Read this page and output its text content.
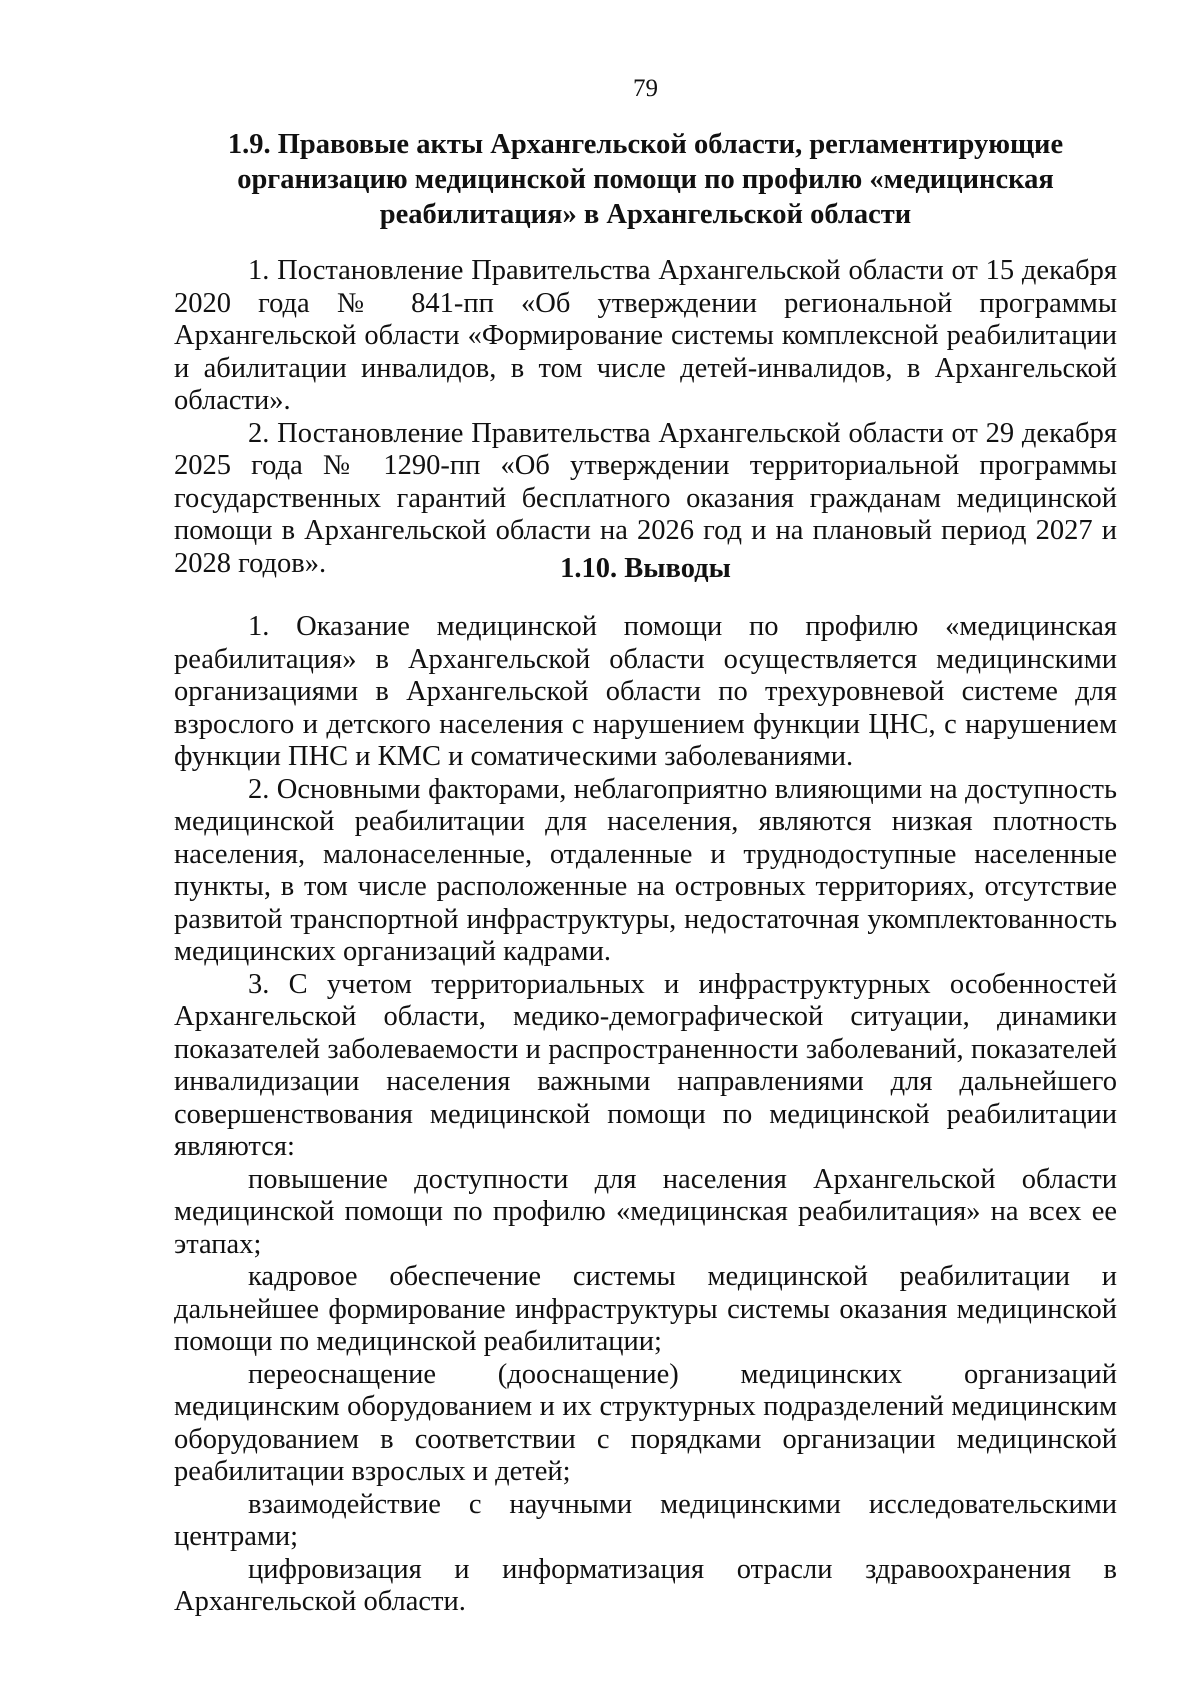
79
1.9. Правовые акты Архангельской области, регламентирующие
организацию медицинской помощи по профилю «медицинская
реабилитация» в Архангельской области

1. Постановление Правительства Архангельской области от 15 декабря 2020 года № 841-пп «Об утверждении региональной программы Архангельской области «Формирование системы комплексной реабилитации и абилитации инвалидов, в том числе детей-инвалидов, в Архангельской области».

2. Постановление Правительства Архангельской области от 29 декабря 2025 года № 1290-пп «Об утверждении территориальной программы государственных гарантий бесплатного оказания гражданам медицинской помощи в Архангельской области на 2026 год и на плановый период 2027 и 2028 годов».	1.10. Выводы

1. Оказание медицинской помощи по профилю «медицинская реабилитация» в Архангельской области осуществляется медицинскими организациями в Архангельской области по трехуровневой системе для взрослого и детского населения с нарушением функции ЦНС, с нарушением функции ПНС и КМС и соматическими заболеваниями.

2. Основными факторами, неблагоприятно влияющими на доступность медицинской реабилитации для населения, являются низкая плотность населения, малонаселенные, отдаленные и труднодоступные населенные пункты, в том числе расположенные на островных территориях, отсутствие развитой транспортной инфраструктуры, недостаточная укомплектованность медицинских организаций кадрами.

3. С учетом территориальных и инфраструктурных особенностей Архангельской области, медико-демографической ситуации, динамики показателей заболеваемости и распространенности заболеваний, показателей инвалидизации населения важными направлениями для дальнейшего совершенствования медицинской помощи по медицинской реабилитации являются:

повышение доступности для населения Архангельской области медицинской помощи по профилю «медицинская реабилитация» на всех ее этапах;

кадровое обеспечение системы медицинской реабилитации и дальнейшее формирование инфраструктуры системы оказания медицинской помощи по медицинской реабилитации;

переоснащение (дооснащение) медицинских организаций медицинским оборудованием и их структурных подразделений медицинским оборудованием в соответствии с порядками организации медицинской реабилитации взрослых и детей;

взаимодействие с научными медицинскими исследовательскими центрами;

цифровизация и информатизация отрасли здравоохранения в Архангельской области.
